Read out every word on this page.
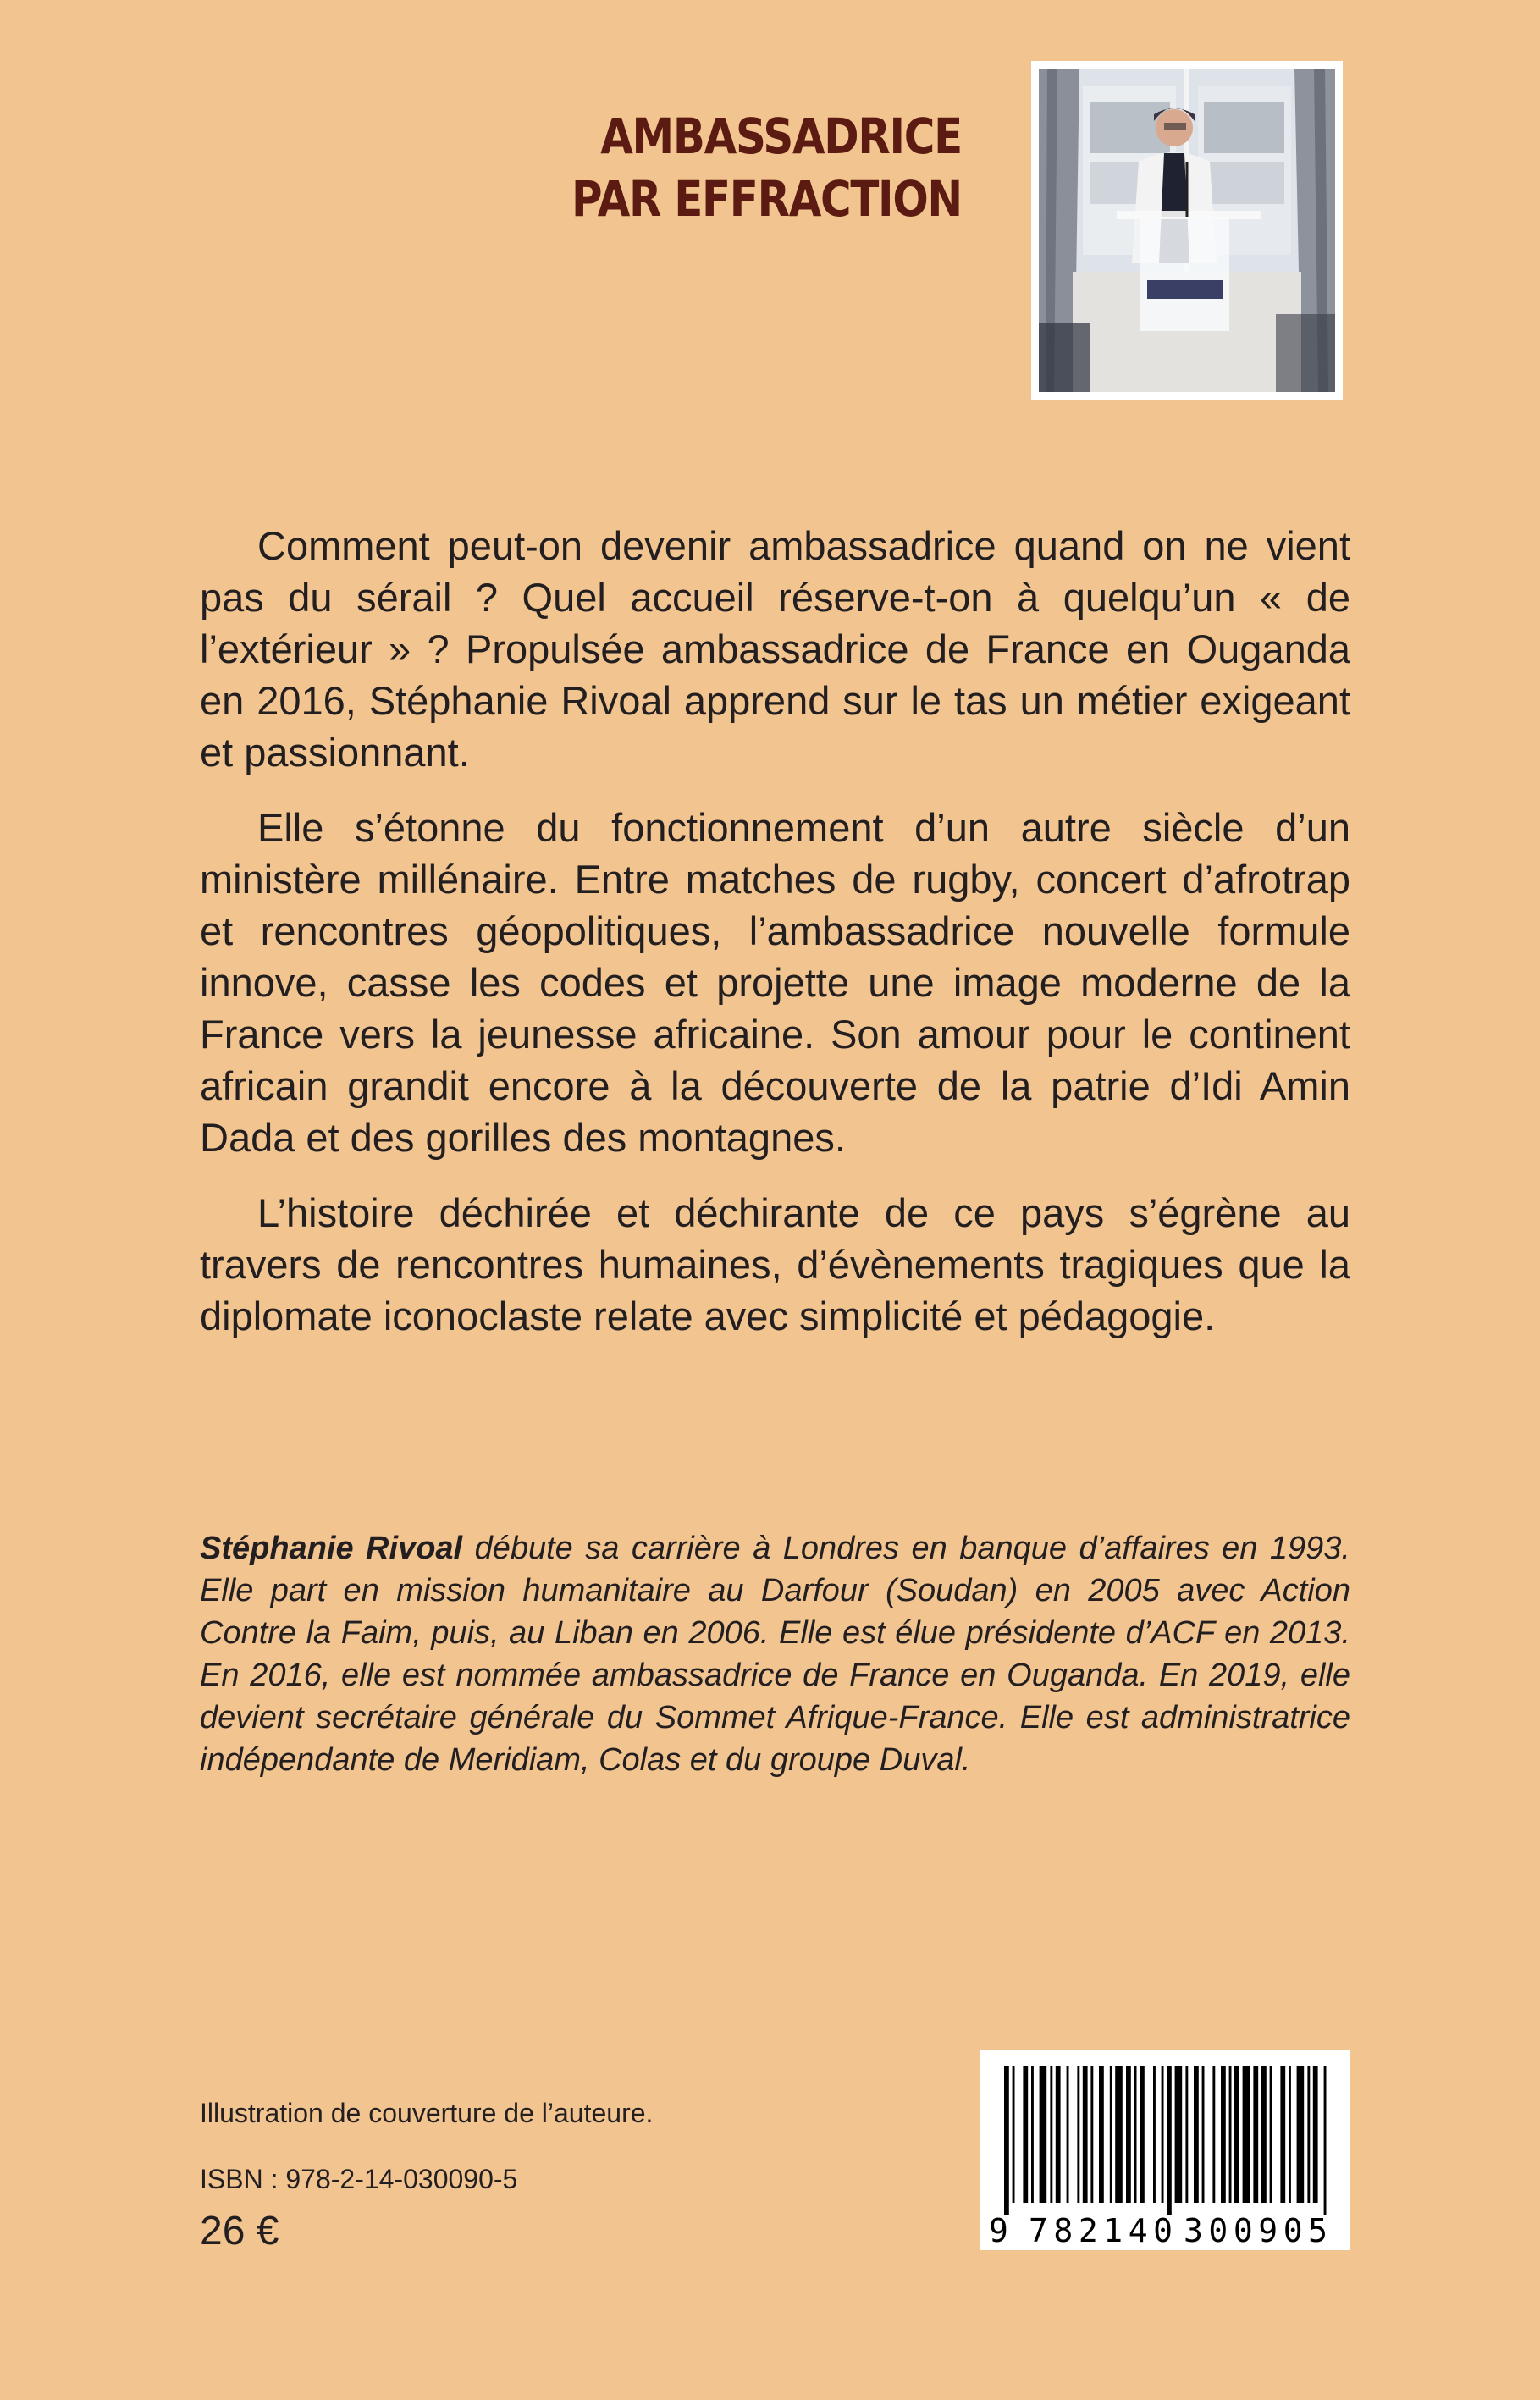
AMBASSADRICE
PAR EFFRACTION

Comment peut-on devenir ambassadrice quand on ne vient pas du sérail ? Quel accueil réserve-t-on à quelqu’un « de l’extérieur » ? Propulsée ambassadrice de France en Ouganda en 2016, Stéphanie Rivoal apprend sur le tas un métier exigeant et passionnant.

Elle s’étonne du fonctionnement d’un autre siècle d’un ministère millénaire. Entre matches de rugby, concert d’afrotrap et rencontres géopolitiques, l’ambassadrice nouvelle formule innove, casse les codes et projette une image moderne de la France vers la jeunesse africaine. Son amour pour le continent africain grandit encore à la découverte de la patrie d’Idi Amin Dada et des gorilles des montagnes.

L’histoire déchirée et déchirante de ce pays s’égrène au travers de rencontres humaines, d’évènements tragiques que la diplomate iconoclaste relate avec simplicité et pédagogie.

Stéphanie Rivoal débute sa carrière à Londres en banque d’affaires en 1993. Elle part en mission humanitaire au Darfour (Soudan) en 2005 avec Action Contre la Faim, puis, au Liban en 2006. Elle est élue présidente d’ACF en 2013. En 2016, elle est nommée ambassadrice de France en Ouganda. En 2019, elle devient secrétaire générale du Sommet Afrique-France. Elle est administratrice indépendante de Meridiam, Colas et du groupe Duval.
Illustration de couverture de l’auteure.
ISBN : 978-2-14-030090-5
26 €	9 782140 300905
